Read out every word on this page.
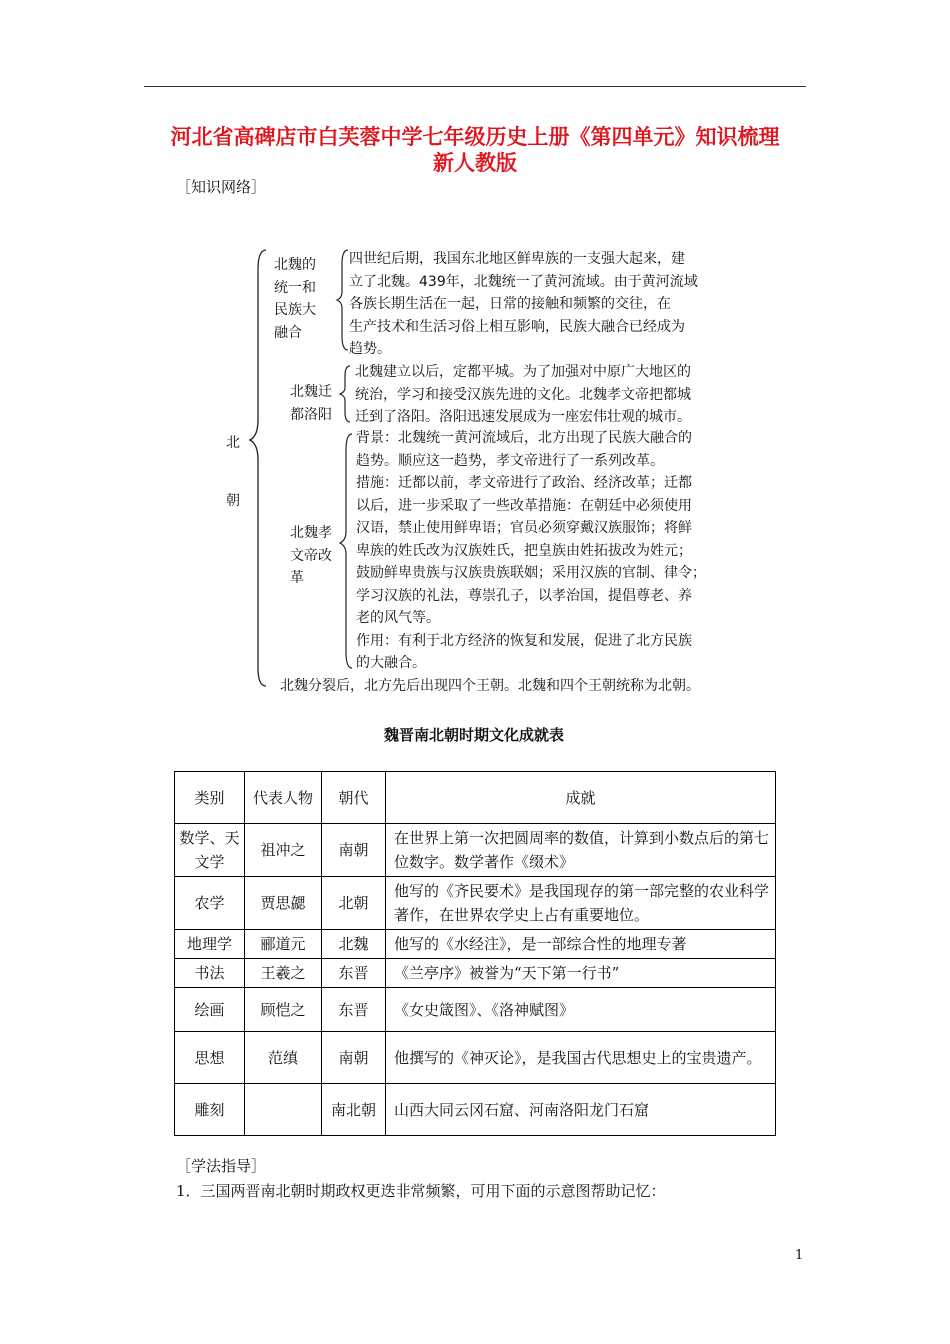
河北省高碑店市白芙蓉中学七年级历史上册《第四单元》知识梳理 新人教版
［知识网络］
北
朝
北魏的
统一和
民族大
融合
四世纪后期，我国东北地区鲜卑族的一支强大起来，建
立了北魏。439年，北魏统一了黄河流域。由于黄河流域
各族长期生活在一起，日常的接触和频繁的交往，在
生产技术和生活习俗上相互影响，民族大融合已经成为
趋势。
北魏迁
都洛阳
北魏建立以后，定都平城。为了加强对中原广大地区的
统治，学习和接受汉族先进的文化。北魏孝文帝把都城
迁到了洛阳。洛阳迅速发展成为一座宏伟壮观的城市。
北魏孝
文帝改
革
背景：北魏统一黄河流域后，北方出现了民族大融合的
趋势。顺应这一趋势，孝文帝进行了一系列改革。
措施：迁都以前，孝文帝进行了政治、经济改革；迁都
以后，进一步采取了一些改革措施：在朝廷中必须使用
汉语，禁止使用鲜卑语；官员必须穿戴汉族服饰；将鲜
卑族的姓氏改为汉族姓氏，把皇族由姓拓拔改为姓元；
鼓励鲜卑贵族与汉族贵族联姻；采用汉族的官制、律令；
学习汉族的礼法，尊崇孔子，以孝治国，提倡尊老、养
老的风气等。
作用：有利于北方经济的恢复和发展，促进了北方民族
的大融合。
北魏分裂后，北方先后出现四个王朝。北魏和四个王朝统称为北朝。
魏晋南北朝时期文化成就表
类别	代表人物	朝代	成就
数学、天文学	祖冲之	南朝	在世界上第一次把圆周率的数值，计算到小数点后的第七位数字。数学著作《缀术》
农学	贾思勰	北朝	他写的《齐民要术》是我国现存的第一部完整的农业科学著作，在世界农学史上占有重要地位。
地理学	郦道元	北魏	他写的《水经注》，是一部综合性的地理专著
书法	王羲之	东晋	《兰亭序》被誉为“天下第一行书”
绘画	顾恺之	东晋	《女史箴图》、《洛神赋图》
思想	范缜	南朝	他撰写的《神灭论》，是我国古代思想史上的宝贵遗产。
雕刻		南北朝	山西大同云冈石窟、河南洛阳龙门石窟
［学法指导］
1．三国两晋南北朝时期政权更迭非常频繁，可用下面的示意图帮助记忆：
1
